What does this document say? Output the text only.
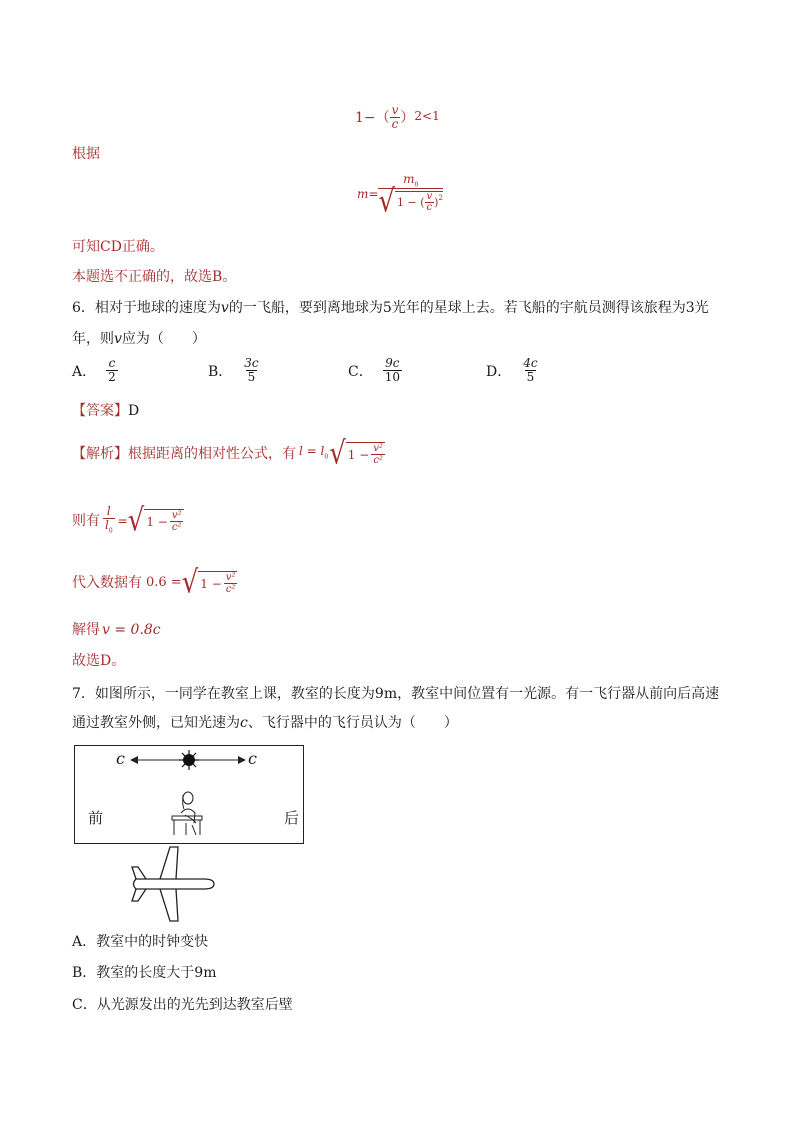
$1-( \frac{v}{c}$ ） 2<1
根据
m=
$m_0$
√ 1 − ( $\frac{v}{c}$ ) 2
可知CD正确。
本题选不正确的，故选B。
6．相对于地球的速度为v的一飞船，要到离地球为5光年的星球上去。若飞船的宇航员测得该旅程为3光
年，则v应为（　　）
A． $\frac{c}{2}$	B． $\frac{3c}{5}$	C． $\frac{9c}{10}$	D． $\frac{4c}{5}$
【答案】D
【解析】 根据距离的相对性公式，有 $l = l_0$ √ $1 - \frac{\text{v²}}{\text{c²}}$
则有 $\frac{l}{l_0}$ = √ $1 - \frac{\text{v²}}{\text{c²}}$
代入数据有 0.6 = √ $1 - \frac{\text{v²}}{\text{c²}}$
解得 v = 0.8c
故选D。
7．如图所示，一同学在教室上课，教室的长度为9m，教室中间位置有一光源。有一飞行器从前向后高速
通过教室外侧，已知光速为c、飞行器中的飞行员认为（　　）
c	c
前	后
A．教室中的时钟变快
B．教室的长度大于9m
C．从光源发出的光先到达教室后壁
